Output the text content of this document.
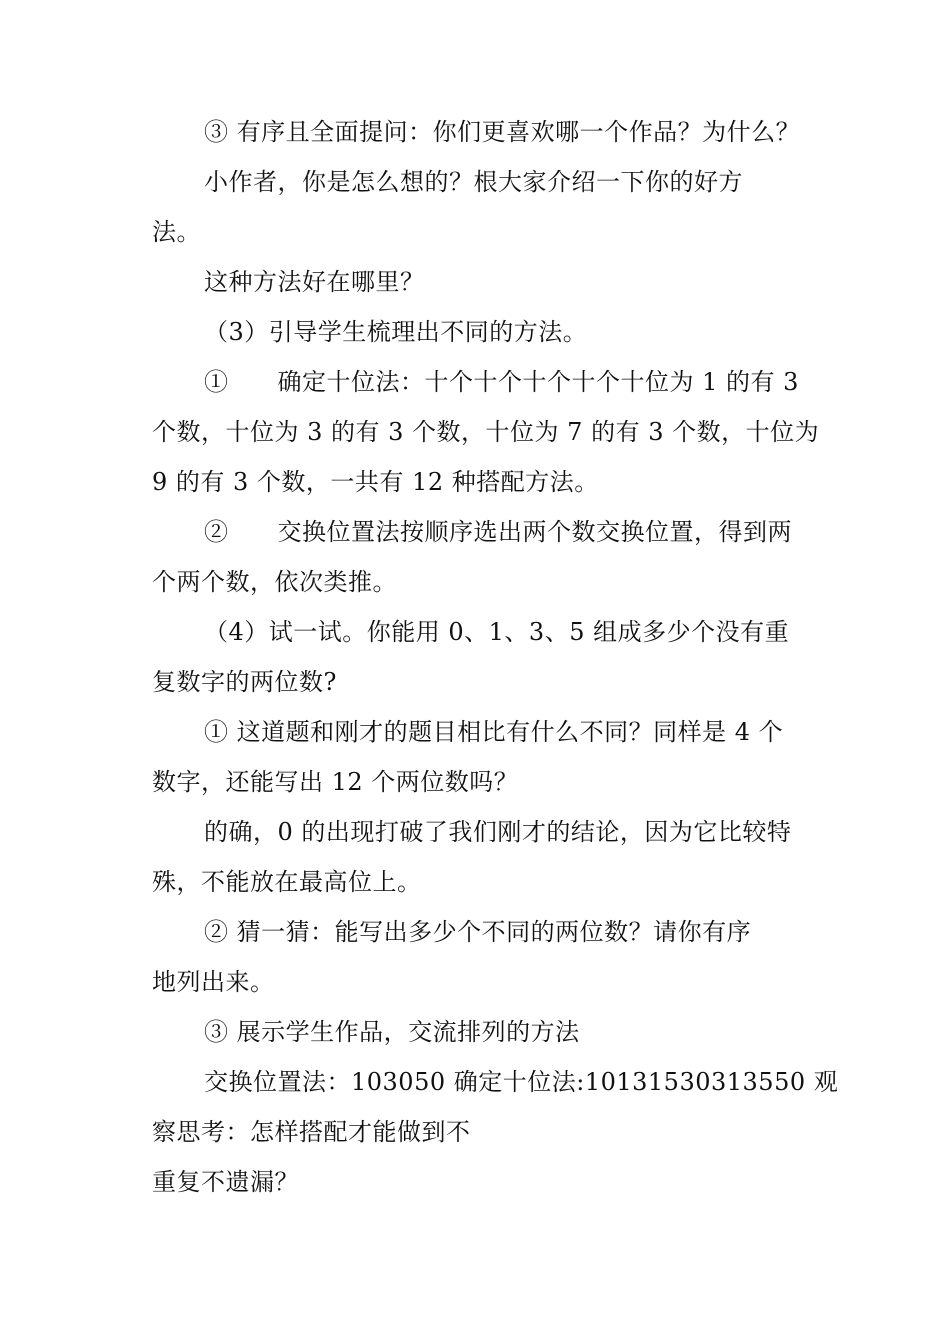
③ 有序且全面提问：你们更喜欢哪一个作品？为什么？
小作者，你是怎么想的？根大家介绍一下你的好方
法。
这种方法好在哪里？
（3）引导学生梳理出不同的方法。
①　　确定十位法：十个十个十个十个十位为 1 的有 3
个数，十位为 3 的有 3 个数，十位为 7 的有 3 个数，十位为
9 的有 3 个数，一共有 12 种搭配方法。
②　　交换位置法按顺序选出两个数交换位置，得到两
个两个数，依次类推。
（4）试一试。你能用 0、1、3、5 组成多少个没有重
复数字的两位数?
① 这道题和刚才的题目相比有什么不同？同样是 4 个
数字，还能写出 12 个两位数吗？
的确，0 的出现打破了我们刚才的结论，因为它比较特
殊，不能放在最高位上。
② 猜一猜：能写出多少个不同的两位数？请你有序
地列出来。
③ 展示学生作品，交流排列的方法
交换位置法：103050 确定十位法:10131530313550 观
察思考：怎样搭配才能做到不
重复不遗漏？
